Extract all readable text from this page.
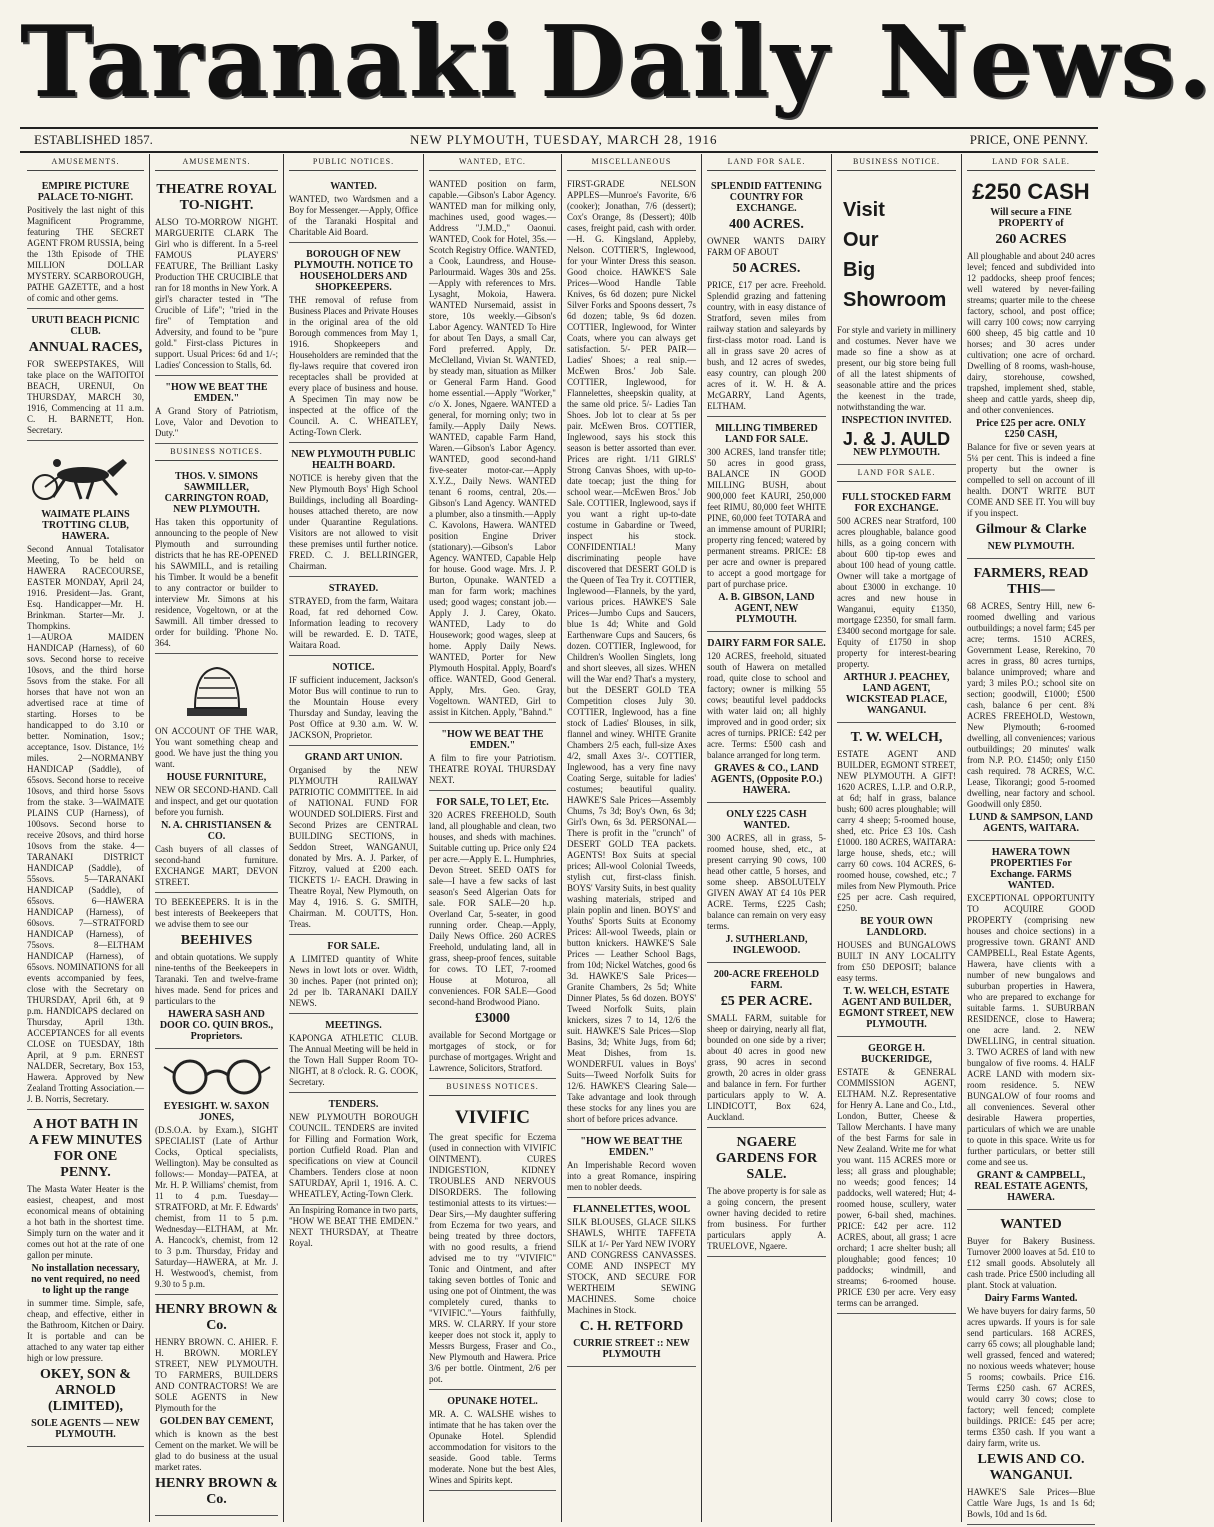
Taranaki Daily News.
ESTABLISHED 1857.	NEW PLYMOUTH, TUESDAY, MARCH 28, 1916	PRICE, ONE PENNY.
AMUSEMENTS.
EMPIRE PICTURE PALACE TO-NIGHT.
Positively the last night of this Magnificent Programme, featuring THE SECRET AGENT FROM RUSSIA, being the 13th Episode of THE MILLION DOLLAR MYSTERY. SCARBOROUGH, PATHE GAZETTE, and a host of comic and other gems.
URUTI BEACH PICNIC CLUB.
ANNUAL RACES,
FOR SWEEPSTAKES, Will take place on the WAITOITOI BEACH, URENUI, On THURSDAY, MARCH 30, 1916, Commencing at 11 a.m. C. H. BARNETT, Hon. Secretary.
WAIMATE PLAINS TROTTING CLUB, HAWERA.
Second Annual Totalisator Meeting, To be held on HAWERA RACECOURSE, EASTER MONDAY, April 24, 1916. President—Jas. Grant, Esq. Handicapper—Mr. H. Brinkman. Starter—Mr. J. Thompkins.
1—AUROA MAIDEN HANDICAP (Harness), of 60 sovs. Second horse to receive 10sovs, and the third horse 5sovs from the stake. For all horses that have not won an advertised race at time of starting. Horses to be handicapped to do 3.10 or better. Nomination, 1sov.; acceptance, 1sov. Distance, 1½ miles. 2—NORMANBY HANDICAP (Saddle), of 65sovs. Second horse to receive 10sovs, and third horse 5sovs from the stake. 3—WAIMATE PLAINS CUP (Harness), of 100sovs. Second horse to receive 20sovs, and third horse 10sovs from the stake. 4—TARANAKI DISTRICT HANDICAP (Saddle), of 55sovs. 5—TARANAKI HANDICAP (Saddle), of 65sovs. 6—HAWERA HANDICAP (Harness), of 60sovs. 7—STRATFORD HANDICAP (Harness), of 75sovs. 8—ELTHAM HANDICAP (Harness), of 65sovs. NOMINATIONS for all events accompanied by fees, close with the Secretary on THURSDAY, April 6th, at 9 p.m. HANDICAPS declared on Thursday, April 13th. ACCEPTANCES for all events CLOSE on TUESDAY, 18th April, at 9 p.m. ERNEST NALDER, Secretary, Box 153, Hawera. Approved by New Zealand Trotting Association.—J. B. Norris, Secretary.
A HOT BATH IN A FEW MINUTES FOR ONE PENNY.
The Masta Water Heater is the easiest, cheapest, and most economical means of obtaining a hot bath in the shortest time. Simply turn on the water and it comes out hot at the rate of one gallon per minute.
No installation necessary, no vent required, no need to light up the range
in summer time. Simple, safe, cheap, and effective, either in the Bathroom, Kitchen or Dairy. It is portable and can be attached to any water tap either high or low pressure.
OKEY, SON & ARNOLD (LIMITED),
SOLE AGENTS — NEW PLYMOUTH.
AMUSEMENTS.
THEATRE ROYAL TO-NIGHT.
ALSO TO-MORROW NIGHT. MARGUERITE CLARK The Girl who is different. In a 5-reel FAMOUS PLAYERS' FEATURE, The Brilliant Lasky Production THE CRUCIBLE that ran for 18 months in New York. A girl's character tested in "The Crucible of Life"; "tried in the fire" of Temptation and Adversity, and found to be "pure gold." First-class Pictures in support. Usual Prices: 6d and 1/-; Ladies' Concession to Stalls, 6d.
"HOW WE BEAT THE EMDEN."
A Grand Story of Patriotism, Love, Valor and Devotion to Duty."
BUSINESS NOTICES.
THOS. V. SIMONS SAWMILLER, CARRINGTON ROAD, NEW PLYMOUTH.
Has taken this opportunity of announcing to the people of New Plymouth and surrounding districts that he has RE-OPENED his SAWMILL, and is retailing his Timber. It would be a benefit to any contractor or builder to interview Mr. Simons at his residence, Vogeltown, or at the Sawmill. All timber dressed to order for building. 'Phone No. 364.
ON ACCOUNT OF THE WAR, You want something cheap and good. We have just the thing you want.
HOUSE FURNITURE,
NEW OR SECOND-HAND. Call and inspect, and get our quotation before you furnish.
N. A. CHRISTIANSEN & CO.
Cash buyers of all classes of second-hand furniture. EXCHANGE MART, DEVON STREET.
TO BEEKEEPERS. It is in the best interests of Beekeepers that we advise them to see our
BEEHIVES
and obtain quotations. We supply nine-tenths of the Beekeepers in Taranaki. Ten and twelve-frame hives made. Send for prices and particulars to the
HAWERA SASH AND DOOR CO. QUIN BROS., Proprietors.
EYESIGHT. W. SAXON JONES,
(D.S.O.A. by Exam.), SIGHT SPECIALIST (Late of Arthur Cocks, Optical specialists, Wellington). May be consulted as follows:— Monday—PATEA, at Mr. H. P. Williams' chemist, from 11 to 4 p.m. Tuesday—STRATFORD, at Mr. F. Edwards' chemist, from 11 to 5 p.m. Wednesday—ELTHAM, at Mr. A. Hancock's, chemist, from 12 to 3 p.m. Thursday, Friday and Saturday—HAWERA, at Mr. J. H. Westwood's, chemist, from 9.30 to 5 p.m.
HENRY BROWN & Co.
HENRY BROWN. C. AHIER. F. H. BROWN. MORLEY STREET, NEW PLYMOUTH. TO FARMERS, BUILDERS AND CONTRACTORS! We are SOLE AGENTS in New Plymouth for the
GOLDEN BAY CEMENT,
which is known as the best Cement on the market. We will be glad to do business at the usual market rates.
HENRY BROWN & Co.
PUBLIC NOTICES.
WANTED.
WANTED, two Wardsmen and a Boy for Messenger.—Apply, Office of the Taranaki Hospital and Charitable Aid Board.
BOROUGH OF NEW PLYMOUTH. NOTICE TO HOUSEHOLDERS AND SHOPKEEPERS.
THE removal of refuse from Business Places and Private Houses in the original area of the old Borough commences from May 1, 1916. Shopkeepers and Householders are reminded that the fly-laws require that covered iron receptacles shall be provided at every place of business and house. A Specimen Tin may now be inspected at the office of the Council. A. C. WHEATLEY, Acting-Town Clerk.
NEW PLYMOUTH PUBLIC HEALTH BOARD.
NOTICE is hereby given that the New Plymouth Boys' High School Buildings, including all Boarding-houses attached thereto, are now under Quarantine Regulations. Visitors are not allowed to visit these premises until further notice. FRED. C. J. BELLRINGER, Chairman.
STRAYED.
STRAYED, from the farm, Waitara Road, fat red dehorned Cow. Information leading to recovery will be rewarded. E. D. TATE, Waitara Road.
NOTICE.
IF sufficient inducement, Jackson's Motor Bus will continue to run to the Mountain House every Thursday and Sunday, leaving the Post Office at 9.30 a.m. W. W. JACKSON, Proprietor.
GRAND ART UNION.
Organised by the NEW PLYMOUTH RAILWAY PATRIOTIC COMMITTEE. In aid of NATIONAL FUND FOR WOUNDED SOLDIERS. First and Second Prizes are CENTRAL BUILDING SECTIONS, in Seddon Street, WANGANUI, donated by Mrs. A. J. Parker, of Fitzroy, valued at £200 each. TICKETS 1/- EACH. Drawing in Theatre Royal, New Plymouth, on May 4, 1916. S. G. SMITH, Chairman. M. COUTTS, Hon. Treas.
FOR SALE.
A LIMITED quantity of White News in lowt lots or over. Width, 30 inches. Paper (not printed on); 2d per lb. TARANAKI DAILY NEWS.
MEETINGS.
KAPONGA ATHLETIC CLUB. The Annual Meeting will be held in the Town Hall Supper Room TO-NIGHT, at 8 o'clock. R. G. COOK, Secretary.
TENDERS.
NEW PLYMOUTH BOROUGH COUNCIL. TENDERS are invited for Filling and Formation Work, portion Cutfield Road. Plan and specifications on view at Council Chambers. Tenders close at noon SATURDAY, April 1, 1916. A. C. WHEATLEY, Acting-Town Clerk.
An Inspiring Romance in two parts, "HOW WE BEAT THE EMDEN." NEXT THURSDAY, at Theatre Royal.
WANTED, ETC.
WANTED position on farm, capable.—Gibson's Labor Agency. WANTED man for milking only, machines used, good wages.—Address "J.M.D.," Oaonui. WANTED, Cook for Hotel, 35s.—Scotch Registry Office. WANTED, a Cook, Laundress, and House-Parlourmaid. Wages 30s and 25s.—Apply with references to Mrs. Lysaght, Mokoia, Hawera. WANTED Nursemaid, assist in store, 10s weekly.—Gibson's Labor Agency. WANTED To Hire for about Ten Days, a small Car, Ford preferred. Apply, Dr. McClelland, Vivian St. WANTED, by steady man, situation as Milker or General Farm Hand. Good home essential.—Apply "Worker," c/o X. Jones, Ngaere. WANTED a general, for morning only; two in family.—Apply Daily News. WANTED, capable Farm Hand, Waren.—Gibson's Labor Agency. WANTED, good second-hand five-seater motor-car.—Apply X.Y.Z., Daily News. WANTED tenant 6 rooms, central, 20s.—Gibson's Land Agency. WANTED a plumber, also a tinsmith.—Apply C. Kavolons, Hawera. WANTED position Engine Driver (stationary).—Gibson's Labor Agency. WANTED, Capable Help for house. Good wage. Mrs. J. P. Burton, Opunake. WANTED a man for farm work; machines used; good wages; constant job.—Apply J. J. Carey, Okato. WANTED, Lady to do Housework; good wages, sleep at home. Apply Daily News. WANTED, Porter for New Plymouth Hospital. Apply, Board's office. WANTED, Good General. Apply, Mrs. Geo. Gray, Vogeltown. WANTED, Girl to assist in Kitchen. Apply, "Bahnd."
"HOW WE BEAT THE EMDEN."
A film to fire your Patriotism. THEATRE ROYAL THURSDAY NEXT.
FOR SALE, TO LET, Etc.
320 ACRES FREEHOLD, South land, all ploughable and clean, two houses, and sheds with machines. Suitable cutting up. Price only £24 per acre.—Apply E. L. Humphries, Devon Street. SEED OATS for sale—I have a few sacks of last season's Seed Algerian Oats for sale. FOR SALE—20 h.p. Overland Car, 5-seater, in good running order. Cheap.—Apply, Daily News Office. 260 ACRES Freehold, undulating land, all in grass, sheep-proof fences, suitable for cows. TO LET, 7-roomed House at Moturoa, all conveniences. FOR SALE—Good second-hand Brodwood Piano.
£3000
available for Second Mortgage or mortgages of stock, or for purchase of mortgages. Wright and Lawrence, Solicitors, Stratford.
BUSINESS NOTICES.
VIVIFIC
The great specific for Eczema (used in connection with VIVIFIC OINTMENT). CURES INDIGESTION, KIDNEY TROUBLES AND NERVOUS DISORDERS. The following testimonial attests to its virtues:— Dear Sirs,—My daughter suffering from Eczema for two years, and being treated by three doctors, with no good results, a friend advised me to try "VIVIFIC" Tonic and Ointment, and after taking seven bottles of Tonic and using one pot of Ointment, the was completely cured, thanks to "VIVIFIC."—Yours faithfully, MRS. W. CLARRY. If your store keeper does not stock it, apply to Messrs Burgess, Fraser and Co., New Plymouth and Hawera. Price 3/6 per bottle. Ointment, 2/6 per pot.
OPUNAKE HOTEL.
MR. A. C. WALSHE wishes to intimate that he has taken over the Opunake Hotel. Splendid accommodation for visitors to the seaside. Good table. Terms moderate. None but the best Ales, Wines and Spirits kept.
MISCELLANEOUS
FIRST-GRADE NELSON APPLES—Munroe's Favorite, 6/6 (cooker); Jonathan, 7/6 (dessert); Cox's Orange, 8s (Dessert); 40lb cases, freight paid, cash with order.—H. G. Kingsland, Appleby, Nelson. COTTIER'S, Inglewood, for your Winter Dress this season. Good choice. HAWKE'S Sale Prices—Wood Handle Table Knives, 6s 6d dozen; pure Nickel Silver Forks and Spoons dessert, 7s 6d dozen; table, 9s 6d dozen. COTTIER, Inglewood, for Winter Coats, where you can always get satisfaction. 5/- PER PAIR—Ladies' Shoes; a real snip.—McEwen Bros.' Job Sale. COTTIER, Inglewood, for Flannelettes, sheepskin quality, at the same old price. 5/- Ladies Tan Shoes. Job lot to clear at 5s per pair. McEwen Bros. COTTIER, Inglewood, says his stock this season is better assorted than ever. Prices are right. 1/11 GIRLS' Strong Canvas Shoes, with up-to-date toecap; just the thing for school wear.—McEwen Bros.' Job Sale. COTTIER, Inglewood, says if you want a right up-to-date costume in Gabardine or Tweed, inspect his stock. CONFIDENTIAL! Many discriminating people have discovered that DESERT GOLD is the Queen of Tea Try it. COTTIER, Inglewood—Flannels, by the yard, various prices. HAWKE'S Sale Prices—Jumbo Cups and Saucers, blue 1s 4d; White and Gold Earthenware Cups and Saucers, 6s dozen. COTTIER, Inglewood, for Children's Woollen Singlets, long and short sleeves, all sizes. WHEN will the War end? That's a mystery, but the DESERT GOLD TEA Competition closes July 30. COTTIER, Inglewood, has a fine stock of Ladies' Blouses, in silk, flannel and winey. WHITE Granite Chambers 2/5 each, full-size Axes 4/2, small Axes 3/-. COTTIER, Inglewood, has a very fine navy Coating Serge, suitable for ladies' costumes; beautiful quality. HAWKE'S Sale Prices—Assembly Chums, 7s 3d; Boy's Own, 6s 3d; Girl's Own, 6s 3d. PERSONAL—There is profit in the "crunch" of DESERT GOLD TEA packets. AGENTS! Box Suits at special prices; All-wool Colonial Tweeds, stylish cut, first-class finish. BOYS' Varsity Suits, in best quality washing materials, striped and plain poplin and linen. BOYS' and Youths' Sports Suits at Economy Prices: All-wool Tweeds, plain or button knickers. HAWKE'S Sale Prices — Leather School Bags, from 10d; Nickel Watches, good 6s 3d. HAWKE'S Sale Prices—Granite Chambers, 2s 5d; White Dinner Plates, 5s 6d dozen. BOYS' Tweed Norfolk Suits, plain knickers, sizes 7 to 14, 12/6 the suit. HAWKE'S Sale Prices—Slop Basins, 3d; White Jugs, from 6d; Meat Dishes, from 1s. WONDERFUL values in Boys' Suits—Tweed Norfolk Suits for 12/6. HAWKE'S Clearing Sale—Take advantage and look through these stocks for any lines you are short of before prices advance.
"HOW WE BEAT THE EMDEN."
An Imperishable Record woven into a great Romance, inspiring men to nobler deeds.
FLANNELETTES, WOOL
SILK BLOUSES, GLACE SILKS SHAWLS, WHITE TAFFETA SILK at 1/- Per Yard NEW IVORY AND CONGRESS CANVASSES. COME AND INSPECT MY STOCK, AND SECURE FOR WERTHEIM SEWING MACHINES. Some choice Machines in Stock.
C. H. RETFORD
CURRIE STREET :: NEW PLYMOUTH
LAND FOR SALE.
SPLENDID FATTENING COUNTRY FOR EXCHANGE.
400 ACRES.
OWNER WANTS DAIRY FARM OF ABOUT
50 ACRES.
PRICE, £17 per acre. Freehold. Splendid grazing and fattening country, with in easy distance of Stratford, seven miles from railway station and saleyards by first-class motor road. Land is all in grass save 20 acres of bush, and 12 acres of swedes, easy country, can plough 200 acres of it. W. H. & A. McGARRY, Land Agents, ELTHAM.
MILLING TIMBERED LAND FOR SALE.
300 ACRES, land transfer title; 50 acres in good grass, BALANCE IN GOOD MILLING BUSH, about 900,000 feet KAURI, 250,000 feet RIMU, 80,000 feet WHITE PINE, 60,000 feet TOTARA and an immense amount of PURIRI; property ring fenced; watered by permanent streams. PRICE: £8 per acre and owner is prepared to accept a good mortgage for part of purchase price.
A. B. GIBSON, LAND AGENT, NEW PLYMOUTH.
DAIRY FARM FOR SALE.
120 ACRES, freehold, situated south of Hawera on metalled road, quite close to school and factory; owner is milking 55 cows; beautiful level paddocks with water laid on; all highly improved and in good order; six acres of turnips. PRICE: £42 per acre. Terms: £500 cash and balance arranged for long term.
GRAVES & CO., LAND AGENTS, (Opposite P.O.) HAWERA.
ONLY £225 CASH WANTED.
300 ACRES, all in grass, 5-roomed house, shed, etc., at present carrying 90 cows, 100 head other cattle, 5 horses, and some sheep. ABSOLUTELY GIVEN AWAY AT £4 10s PER ACRE. Terms, £225 Cash; balance can remain on very easy terms.
J. SUTHERLAND, INGLEWOOD.
200-ACRE FREEHOLD FARM.
£5 PER ACRE.
SMALL FARM, suitable for sheep or dairying, nearly all flat, bounded on one side by a river; about 40 acres in good new grass, 90 acres in second growth, 20 acres in older grass and balance in fern. For further particulars apply to W. A. LINDICOTT, Box 624, Auckland.
NGAERE GARDENS FOR SALE.
The above property is for sale as a going concern, the present owner having decided to retire from business. For further particulars apply A. TRUELOVE, Ngaere.
BUSINESS NOTICE.
Visit
Our
Big
Showroom
For style and variety in millinery and costumes. Never have we made so fine a show as at present, our big store being full of all the latest shipments of seasonable attire and the prices the keenest in the trade, notwithstanding the war.
INSPECTION INVITED.
J. & J. AULD
NEW PLYMOUTH.
LAND FOR SALE.
FULL STOCKED FARM FOR EXCHANGE.
500 ACRES near Stratford, 100 acres ploughable, balance good hills, as a going concern with about 600 tip-top ewes and about 100 head of young cattle. Owner will take a mortgage of about £3000 in exchange. 10 acres and new house in Wanganui, equity £1350, mortgage £2350, for small farm. £3400 second mortgage for sale. Equity of £1750 in shop property for interest-bearing property.
ARTHUR J. PEACHEY, LAND AGENT, WICKSTEAD PLACE, WANGANUI.
T. W. WELCH,
ESTATE AGENT AND BUILDER, EGMONT STREET, NEW PLYMOUTH. A GIFT! 1620 ACRES, L.I.P. and O.R.P., at 6d; half in grass, balance bush; 600 acres ploughable; will carry 4 sheep; 5-roomed house, shed, etc. Price £3 10s. Cash £1000. 180 ACRES, WAITARA: large house, sheds, etc.; will carry 60 cows. 104 ACRES, 6-roomed house, cowshed, etc.; 7 miles from New Plymouth. Price £25 per acre. Cash required, £250.
BE YOUR OWN LANDLORD.
HOUSES and BUNGALOWS BUILT IN ANY LOCALITY from £50 DEPOSIT; balance easy terms.
T. W. WELCH, ESTATE AGENT AND BUILDER, EGMONT STREET, NEW PLYMOUTH.
GEORGE H. BUCKERIDGE,
ESTATE & GENERAL COMMISSION AGENT, ELTHAM. N.Z. Representative for Henry A. Lane and Co., Ltd., London, Butter, Cheese & Tallow Merchants. I have many of the best Farms for sale in New Zealand. Write me for what you want. 115 ACRES more or less; all grass and ploughable; no weeds; good fences; 14 paddocks, well watered; Hut; 4-roomed house, scullery, water power, 6-bail shed, machines. PRICE: £42 per acre. 112 ACRES, about, all grass; 1 acre orchard; 1 acre shelter bush; all ploughable; good fences; 10 paddocks; windmill, and streams; 6-roomed house. PRICE £30 per acre. Very easy terms can be arranged.
LAND FOR SALE.
£250 CASH
Will secure a FINE PROPERTY of
260 ACRES
All ploughable and about 240 acres level; fenced and subdivided into 12 paddocks, sheep proof fences; well watered by never-failing streams; quarter mile to the cheese factory, school, and post office; will carry 100 cows; now carrying 600 sheep, 45 big cattle and 10 horses; and 30 acres under cultivation; one acre of orchard. Dwelling of 8 rooms, wash-house, dairy, storehouse, cowshed, trapshed, implement shed, stable, sheep and cattle yards, sheep dip, and other conveniences.
Price £25 per acre. ONLY £250 CASH,
Balance for five or seven years at 5¼ per cent. This is indeed a fine property but the owner is compelled to sell on account of ill health. DON'T WRITE BUT COME AND SEE IT. You will buy if you inspect.
Gilmour & Clarke
NEW PLYMOUTH.
FARMERS, READ THIS—
68 ACRES, Sentry Hill, new 6-roomed dwelling and various outbuildings; a novel farm; £45 per acre; terms. 1510 ACRES, Government Lease, Rerekino, 70 acres in grass, 80 acres turnips, balance unimproved; whare and yard; 3 miles P.O.; school site on section; goodwill, £1000; £500 cash, balance 6 per cent. 8¾ ACRES FREEHOLD, Westown, New Plymouth; 6-roomed dwelling, all conveniences; various outbuildings; 20 minutes' walk from N.P. P.O. £1450; only £150 cash required. 78 ACRES, W.C. Lease, Tikorangi; good 5-roomed dwelling, near factory and school. Goodwill only £850.
LUND & SAMPSON, LAND AGENTS, WAITARA.
HAWERA TOWN PROPERTIES For Exchange. FARMS WANTED.
EXCEPTIONAL OPPORTUNITY TO ACQUIRE GOOD PROPERTY (comprising new houses and choice sections) in a progressive town. GRANT AND CAMPBELL, Real Estate Agents, Hawera, have clients with a number of new bungalows and suburban properties in Hawera, who are prepared to exchange for suitable farms. 1. SUBURBAN RESIDENCE, close to Hawera; one acre land. 2. NEW DWELLING, in central situation. 3. TWO ACRES of land with new bungalow of five rooms. 4. HALF ACRE LAND with modern six-room residence. 5. NEW BUNGALOW of four rooms and all conveniences. Several other desirable Hawera properties, particulars of which we are unable to quote in this space. Write us for further particulars, or better still come and see us.
GRANT & CAMPBELL, REAL ESTATE AGENTS, HAWERA.
WANTED
Buyer for Bakery Business. Turnover 2000 loaves at 5d. £10 to £12 small goods. Absolutely all cash trade. Price £500 including all plant. Stock at valuation.
Dairy Farms Wanted.
We have buyers for dairy farms, 50 acres upwards. If yours is for sale send particulars. 168 ACRES, carry 65 cows; all ploughable land; well grassed, fenced and watered; no noxious weeds whatever; house 5 rooms; cowbails. Price £16. Terms £250 cash. 67 ACRES, would carry 30 cows; close to factory; well fenced; complete buildings. PRICE: £45 per acre; terms £350 cash. If you want a dairy farm, write us.
LEWIS AND CO. WANGANUI.
HAWKE'S Sale Prices—Blue Cattle Ware Jugs, 1s and 1s 6d; Bowls, 10d and 1s 6d.
